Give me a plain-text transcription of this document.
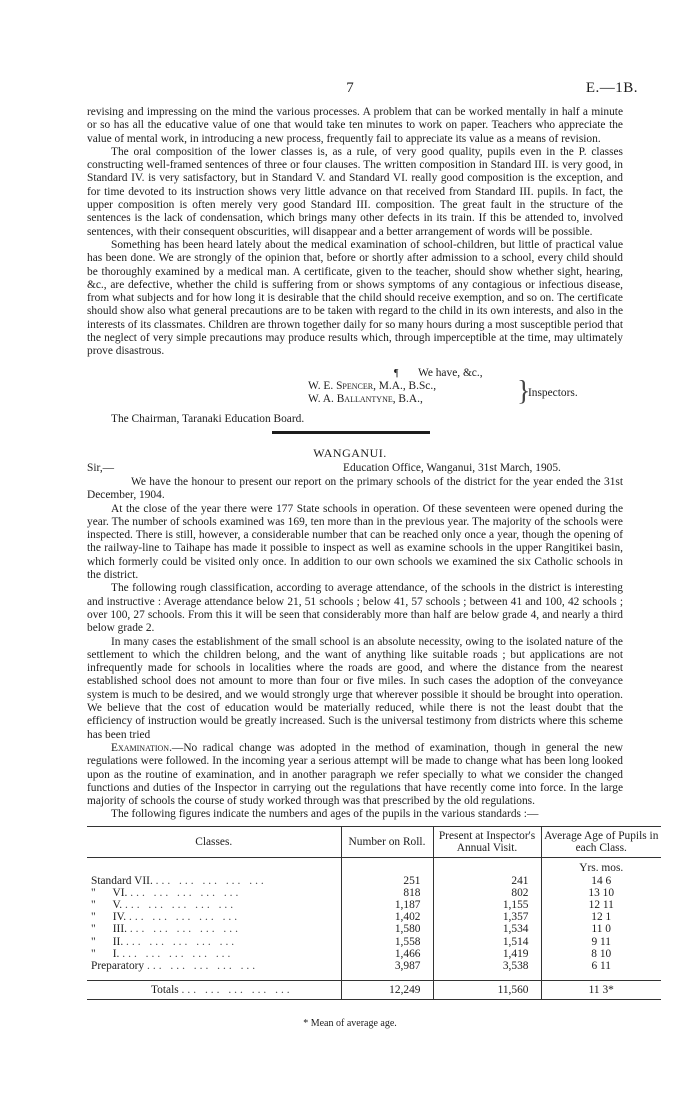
7	E.—1B.

revising and impressing on the mind the various processes. A problem that can be worked mentally in half a minute or so has all the educative value of one that would take ten minutes to work on paper. Teachers who appreciate the value of mental work, in introducing a new process, frequently fail to appreciate its value as a means of revision.

The oral composition of the lower classes is, as a rule, of very good quality, pupils even in the P. classes constructing well-framed sentences of three or four clauses. The written composition in Standard III. is very good, in Standard IV. is very satisfactory, but in Standard V. and Standard VI. really good composition is the exception, and for time devoted to its instruction shows very little advance on that received from Standard III. pupils. In fact, the upper composition is often merely very good Standard III. composition. The great fault in the structure of the sentences is the lack of condensation, which brings many other defects in its train. If this be attended to, involved sentences, with their consequent obscurities, will disappear and a better arrangement of words will be possible.

Something has been heard lately about the medical examination of school-children, but little of practical value has been done. We are strongly of the opinion that, before or shortly after admission to a school, every child should be thoroughly examined by a medical man. A certificate, given to the teacher, should show whether sight, hearing, &c., are defective, whether the child is suffering from or shows symptoms of any contagious or infectious disease, from what subjects and for how long it is desirable that the child should receive exemption, and so on. The certificate should show also what general precautions are to be taken with regard to the child in its own interests, and also in the interests of its classmates. Children are thrown together daily for so many hours during a most susceptible period that the neglect of very simple precautions may produce results which, through imperceptible at the time, may ultimately prove disastrous.

¶ We have, &c.,
W. E. Spencer, M.A., B.Sc.,
W. A. Ballantyne, B.A.,	}
Inspectors.
The Chairman, Taranaki Education Board.
WANGANUI.
Sir,—	Education Office, Wanganui, 31st March, 1905.

We have the honour to present our report on the primary schools of the district for the year ended the 31st December, 1904.

At the close of the year there were 177 State schools in operation. Of these seventeen were opened during the year. The number of schools examined was 169, ten more than in the previous year. The majority of the schools were inspected. There is still, however, a considerable number that can be reached only once a year, though the opening of the railway-line to Taihape has made it possible to inspect as well as examine schools in the upper Rangitikei basin, which formerly could be visited only once. In addition to our own schools we examined the six Catholic schools in the district.

The following rough classification, according to average attendance, of the schools in the district is interesting and instructive : Average attendance below 21, 51 schools ; below 41, 57 schools ; between 41 and 100, 42 schools ; over 100, 27 schools. From this it will be seen that considerably more than half are below grade 4, and nearly a third below grade 2.

In many cases the establishment of the small school is an absolute necessity, owing to the isolated nature of the settlement to which the children belong, and the want of anything like suitable roads ; but applications are not infrequently made for schools in localities where the roads are good, and where the distance from the nearest established school does not amount to more than four or five miles. In such cases the adoption of the conveyance system is much to be desired, and we would strongly urge that wherever possible it should be brought into operation. We believe that the cost of education would be materially reduced, while there is not the least doubt that the efficiency of instruction would be greatly increased. Such is the universal testimony from districts where this scheme has been tried

Examination.—No radical change was adopted in the method of examination, though in general the new regulations were followed. In the incoming year a serious attempt will be made to change what has been long looked upon as the routine of examination, and in another paragraph we refer specially to what we consider the changed functions and duties of the Inspector in carrying out the regulations that have recently come into force. In the large majority of schools the course of study worked through was that prescribed by the old regulations.

The following figures indicate the numbers and ages of the pupils in the various standards :—

Classes.	Number on Roll.	Present at Inspector's Annual Visit.	Average Age of Pupils in each Class.
			Yrs. mos.
Standard VII. ... ... ... ... ...	251	241	14 6
"      VI. ... ... ... ... ...	818	802	13 10
"      V. ... ... ... ... ...	1,187	1,155	12 11
"      IV. ... ... ... ... ...	1,402	1,357	12 1
"      III. ... ... ... ... ...	1,580	1,534	11 0
"      II. ... ... ... ... ...	1,558	1,514	9 11
"      I. ... ... ... ... ...	1,466	1,419	8 10
Preparatory ... ... ... ... ...	3,987	3,538	6 11
Totals ... ... ... ... ...	12,249	11,560	11 3*
* Mean of average age.
